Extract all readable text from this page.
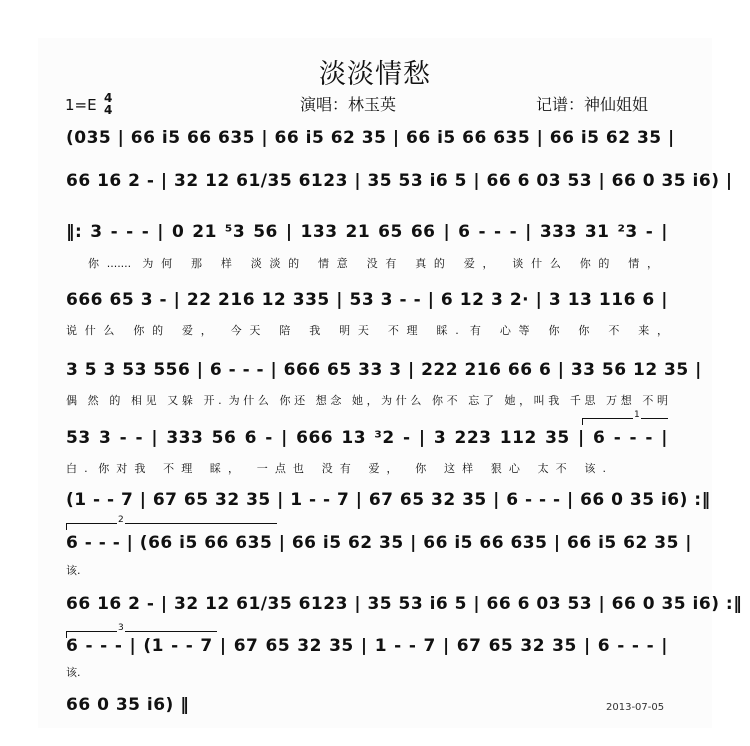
淡淡情愁
1=E 4
4	演唱：林玉英	记谱：神仙姐姐
(035 | 66 i5 66 635 | 66 i5 62 35 | 66 i5 66 635 | 66 i5 62 35 |
66 16 2 - | 32 12 61/35 6123 | 35 53 i6 5 | 66 6 03 53 | 66 0 35 i6) |
‖: 3 - - - | 0 21 ⁵3 56 | 133 21 65 66 | 6 - - - | 333 31 ²3 - |
你....... 为何 那 样 淡淡的 情意 没有 真的 爱， 谈什么 你的 情，
666 65 3 - | 22 216 12 335 | 53 3 - - | 6 12 3 2· | 3 13 116 6 |
说什么 你的 爱， 今天 陪 我 明天 不理 睬. 有 心等 你 你 不 来，
3 5 3 53 556 | 6 - - - | 666 65 33 3 | 222 216 66 6 | 33 56 12 35 |
偶 然 的 相见 又躲 开. 为什么 你还 想念 她，为什么 你不 忘了 她，叫我 千思 万想 不明
1
53 3 - - | 333 56 6 - | 666 13 ³2 - | 3 223 112 35 | 6 - - - |
白. 你对我 不理 睬， 一点也 没有 爱， 你 这样 狠心 太不 该.
(1 - - 7 | 67 65 32 35 | 1 - - 7 | 67 65 32 35 | 6 - - - | 66 0 35 i6) :‖
2
6 - - - | (66 i5 66 635 | 66 i5 62 35 | 66 i5 66 635 | 66 i5 62 35 |
该.
66 16 2 - | 32 12 61/35 6123 | 35 53 i6 5 | 66 6 03 53 | 66 0 35 i6) :‖
3
6 - - - | (1 - - 7 | 67 65 32 35 | 1 - - 7 | 67 65 32 35 | 6 - - - |
该.
66 0 35 i6) ‖	2013-07-05
